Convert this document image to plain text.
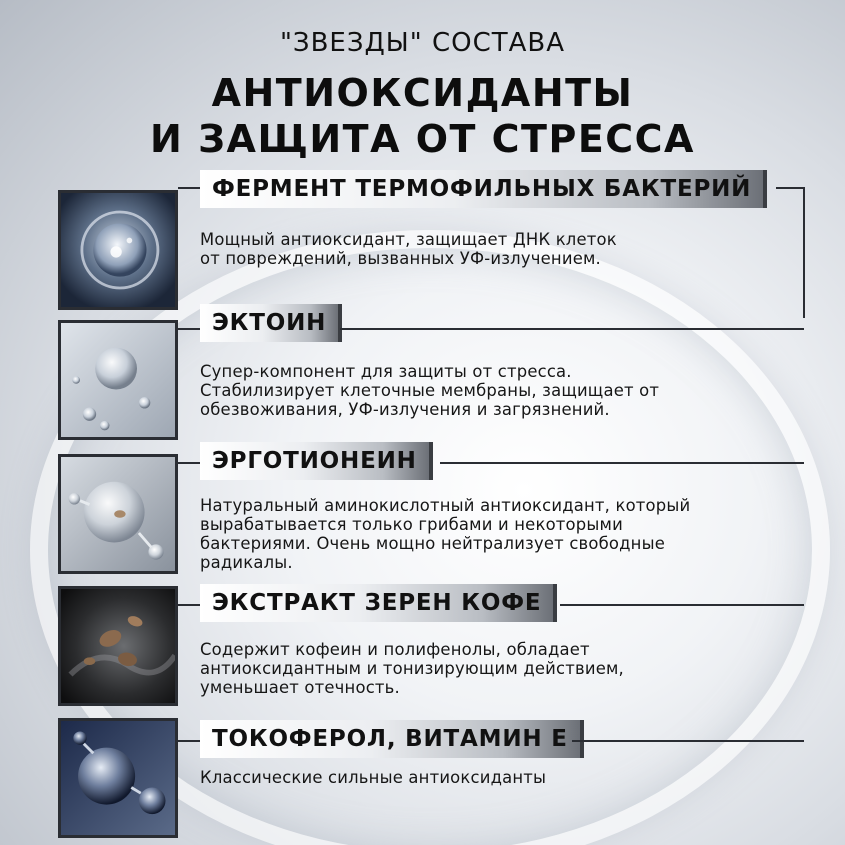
"ЗВЕЗДЫ" СОСТАВА
АНТИОКСИДАНТЫ
И ЗАЩИТА ОТ СТРЕССА
ФЕРМЕНТ ТЕРМОФИЛЬНЫХ БАКТЕРИЙ
Мощный антиоксидант, защищает ДНК клеток
от повреждений, вызванных УФ-излучением.
ЭКТОИН
Супер-компонент для защиты от стресса.
Стабилизирует клеточные мембраны, защищает от
обезвоживания, УФ-излучения и загрязнений.
ЭРГОТИОНЕИН
Натуральный аминокислотный антиоксидант, который
вырабатывается только грибами и некоторыми
бактериями. Очень мощно нейтрализует свободные
радикалы.
ЭКСТРАКТ ЗЕРЕН КОФЕ
Содержит кофеин и полифенолы, обладает
антиоксидантным и тонизирующим действием,
уменьшает отечность.
ТОКОФЕРОЛ, ВИТАМИН Е
Классические сильные антиоксиданты
